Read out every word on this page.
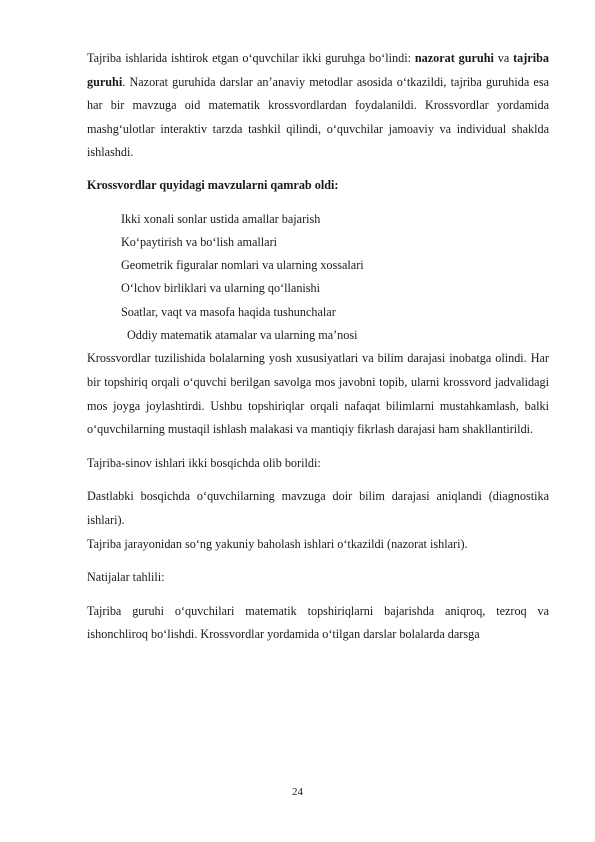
Tajriba ishlarida ishtirok etgan o‘quvchilar ikki guruhga bo‘lindi: nazorat guruhi va tajriba guruhi. Nazorat guruhida darslar an’anaviy metodlar asosida o‘tkazildi, tajriba guruhida esa har bir mavzuga oid matematik krossvordlardan foydalanildi. Krossvordlar yordamida mashg‘ulotlar interaktiv tarzda tashkil qilindi, o‘quvchilar jamoaviy va individual shaklda ishlashdi.

Krossvordlar quyidagi mavzularni qamrab oldi:

Ikki xonali sonlar ustida amallar bajarish
Ko‘paytirish va bo‘lish amallari
Geometrik figuralar nomlari va ularning xossalari
O‘lchov birliklari va ularning qo‘llanishi
Soatlar, vaqt va masofa haqida tushunchalar
Oddiy matematik atamalar va ularning ma’nosi

Krossvordlar tuzilishida bolalarning yosh xususiyatlari va bilim darajasi inobatga olindi. Har bir topshiriq orqali o‘quvchi berilgan savolga mos javobni topib, ularni krossvord jadvalidagi mos joyga joylashtirdi. Ushbu topshiriqlar orqali nafaqat bilimlarni mustahkamlash, balki o‘quvchilarning mustaqil ishlash malakasi va mantiqiy fikrlash darajasi ham shakllantirildi.

Tajriba-sinov ishlari ikki bosqichda olib borildi:

Dastlabki bosqichda o‘quvchilarning mavzuga doir bilim darajasi aniqlandi (diagnostika ishlari).

Tajriba jarayonidan so‘ng yakuniy baholash ishlari o‘tkazildi (nazorat ishlari).

Natijalar tahlili:

Tajriba guruhi o‘quvchilari matematik topshiriqlarni bajarishda aniqroq, tezroq va ishonchliroq bo‘lishdi. Krossvordlar yordamida o‘tilgan darslar bolalarda darsga

24
